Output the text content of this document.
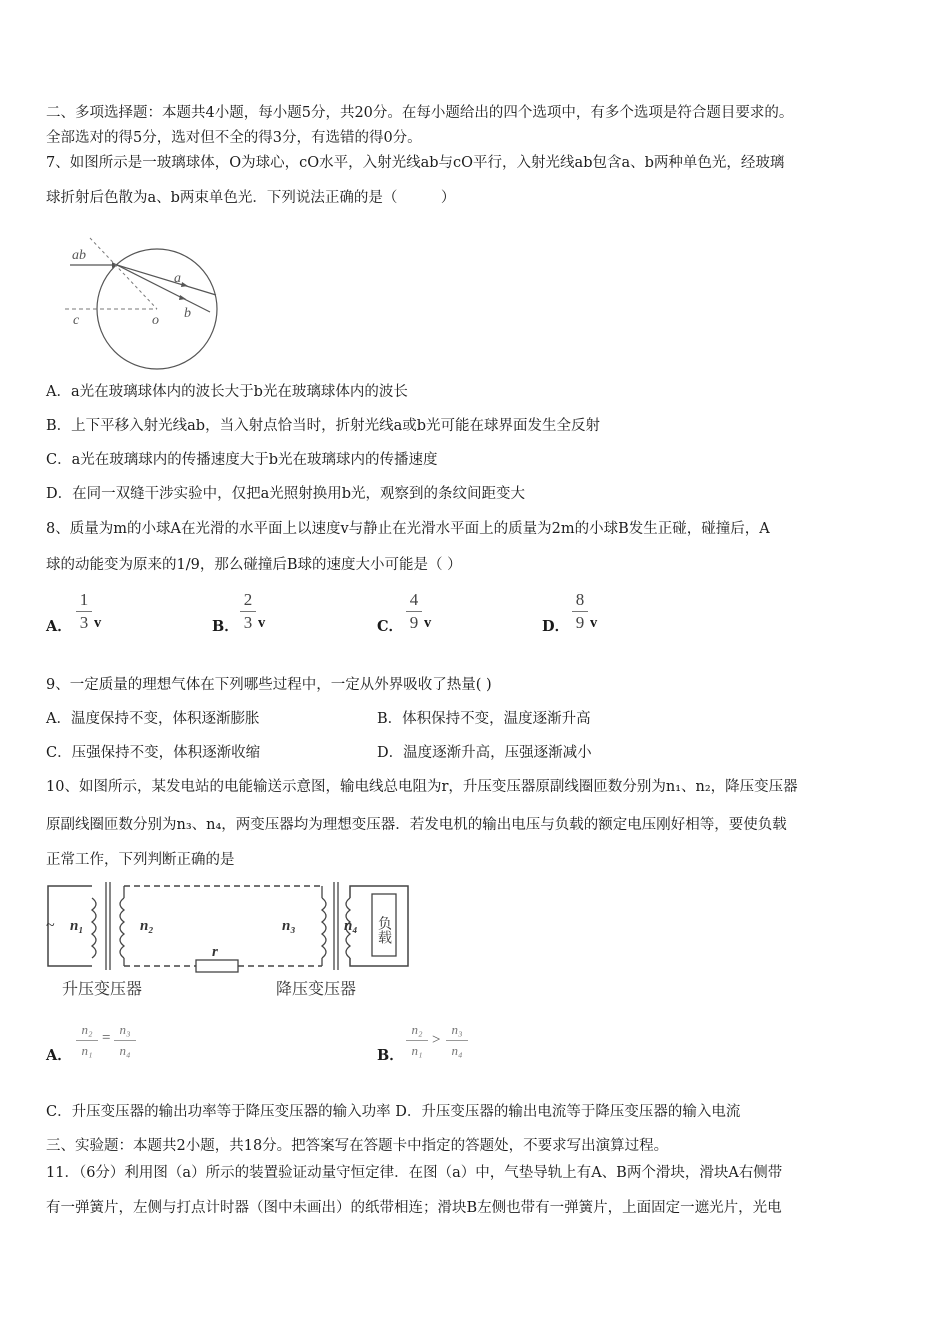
二、多项选择题：本题共4小题，每小题5分，共20分。在每小题给出的四个选项中，有多个选项是符合题目要求的。
全部选对的得5分，选对但不全的得3分，有选错的得0分。
7、如图所示是一玻璃球体，O为球心，cO水平，入射光线ab与cO平行，入射光线ab包含a、b两种单色光，经玻璃
球折射后色散为a、b两束单色光．下列说法正确的是（　　　）
ab
c	o
a
b
A．a光在玻璃球体内的波长大于b光在玻璃球体内的波长
B．上下平移入射光线ab，当入射点恰当时，折射光线a或b光可能在球界面发生全反射
C．a光在玻璃球内的传播速度大于b光在玻璃球内的传播速度
D．在同一双缝干涉实验中，仅把a光照射换用b光，观察到的条纹间距变大
8、质量为m的小球A在光滑的水平面上以速度v与静止在光滑水平面上的质量为2m的小球B发生正碰，碰撞后，A
球的动能变为原来的1/9，那么碰撞后B球的速度大小可能是（ ）
A．
1
3 v	B．
2
3 v	C．
4
9 v	D．
8
9 v
9、一定质量的理想气体在下列哪些过程中，一定从外界吸收了热量( )
A．温度保持不变，体积逐渐膨胀	B．体积保持不变，温度逐渐升高
C．压强保持不变，体积逐渐收缩	D．温度逐渐升高，压强逐渐减小
10、如图所示，某发电站的电能输送示意图，输电线总电阻为r，升压变压器原副线圈匝数分别为n₁、n₂，降压变压器
原副线圈匝数分别为n₃、n₄，两变压器均为理想变压器．若发电机的输出电压与负载的额定电压刚好相等，要使负载
正常工作，下列判断正确的是
~ n₁	n₂	n₃	n₄
r
负载
升压变压器	降压变压器
A．
n₂
n₁
=
n₃
n₄	B．
n₂
n₁
>
n₃
n₄
C．升压变压器的输出功率等于降压变压器的输入功率 D．升压变压器的输出电流等于降压变压器的输入电流
三、实验题：本题共2小题，共18分。把答案写在答题卡中指定的答题处，不要求写出演算过程。
11．（6分）利用图（a）所示的装置验证动量守恒定律．在图（a）中，气垫导轨上有A、B两个滑块，滑块A右侧带
有一弹簧片，左侧与打点计时器（图中未画出）的纸带相连；滑块B左侧也带有一弹簧片，上面固定一遮光片，光电
